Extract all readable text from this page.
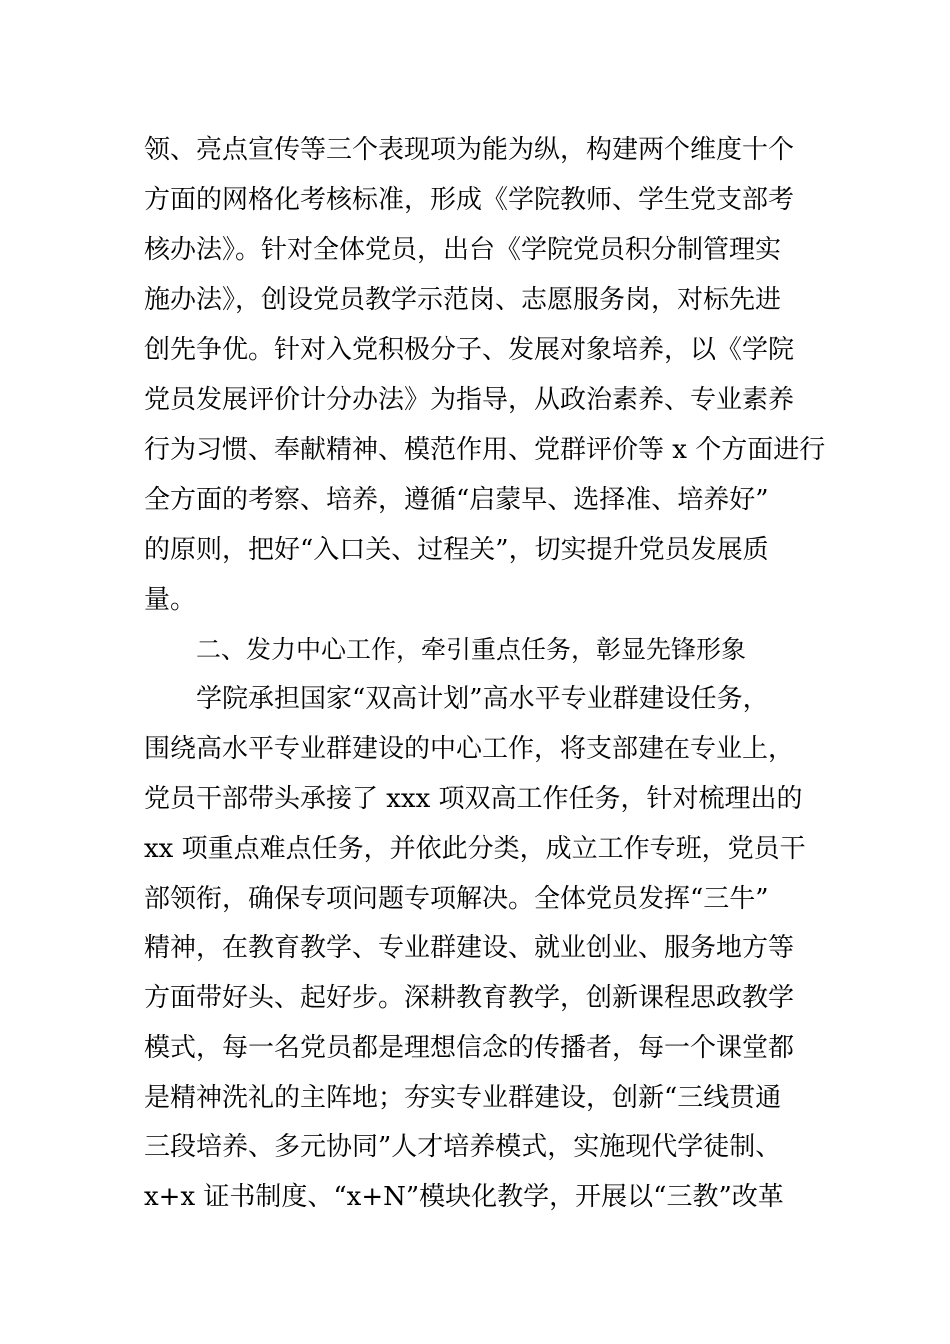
领、亮点宣传等三个表现项为能为纵，构建两个维度十个
方面的网格化考核标准，形成《学院教师、学生党支部考
核办法》。针对全体党员，出台《学院党员积分制管理实
施办法》，创设党员教学示范岗、志愿服务岗，对标先进
创先争优。针对入党积极分子、发展对象培养，以《学院
党员发展评价计分办法》为指导，从政治素养、专业素养
行为习惯、奉献精神、模范作用、党群评价等 x 个方面进行
全方面的考察、培养，遵循“启蒙早、选择准、培养好”
的原则，把好“入口关、过程关”，切实提升党员发展质
量。
二、发力中心工作，牵引重点任务，彰显先锋形象
学院承担国家“双高计划”高水平专业群建设任务，
围绕高水平专业群建设的中心工作，将支部建在专业上，
党员干部带头承接了 xxx 项双高工作任务，针对梳理出的
xx 项重点难点任务，并依此分类，成立工作专班，党员干
部领衔，确保专项问题专项解决。全体党员发挥“三牛”
精神，在教育教学、专业群建设、就业创业、服务地方等
方面带好头、起好步。深耕教育教学，创新课程思政教学
模式，每一名党员都是理想信念的传播者，每一个课堂都
是精神洗礼的主阵地；夯实专业群建设，创新“三线贯通
三段培养、多元协同”人才培养模式，实施现代学徒制、
x+x 证书制度、“x+N”模块化教学，开展以“三教”改革
